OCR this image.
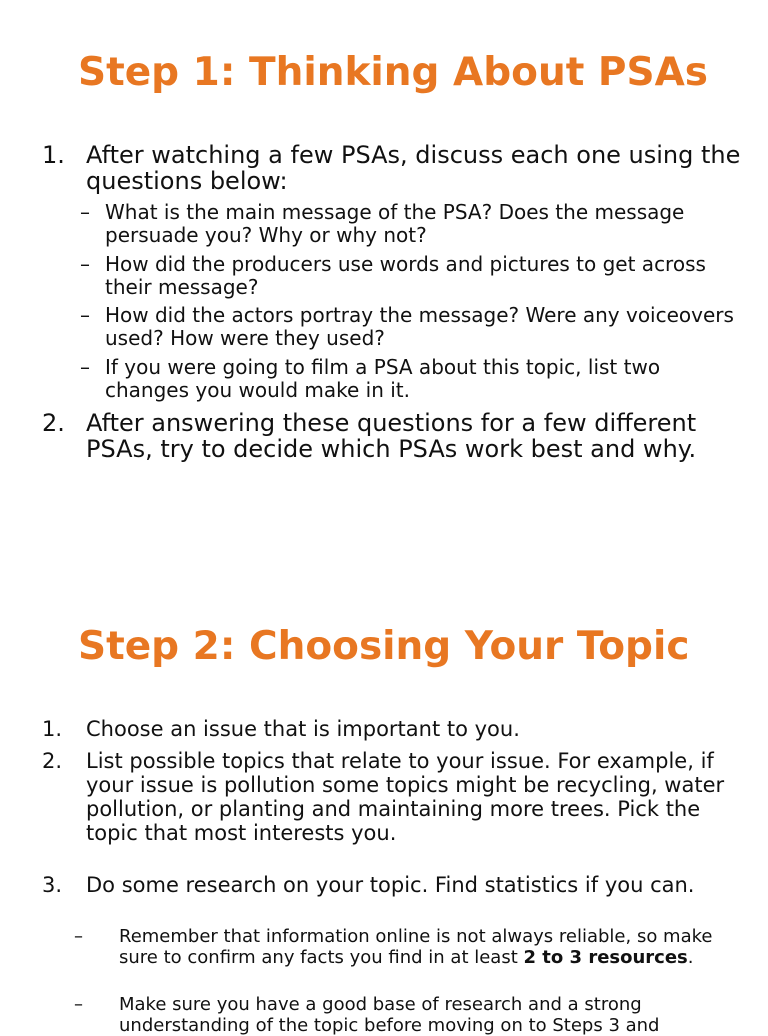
Step 1: Thinking About PSAs
1. After watching a few PSAs, discuss each one using the questions below:
– What is the main message of the PSA? Does the message persuade you? Why or why not?
– How did the producers use words and pictures to get across their message?
– How did the actors portray the message? Were any voiceovers used? How were they used?
– If you were going to film a PSA about this topic, list two changes you would make in it.
2. After answering these questions for a few different PSAs, try to decide which PSAs work best and why.
Step 2: Choosing Your Topic
1. Choose an issue that is important to you.
2. List possible topics that relate to your issue. For example, if your issue is pollution some topics might be recycling, water pollution, or planting and maintaining more trees. Pick the topic that most interests you.
3. Do some research on your topic. Find statistics if you can.
– Remember that information online is not always reliable, so make sure to confirm any facts you find in at least 2 to 3 resources.
– Make sure you have a good base of research and a strong understanding of the topic before moving on to Steps 3 and
